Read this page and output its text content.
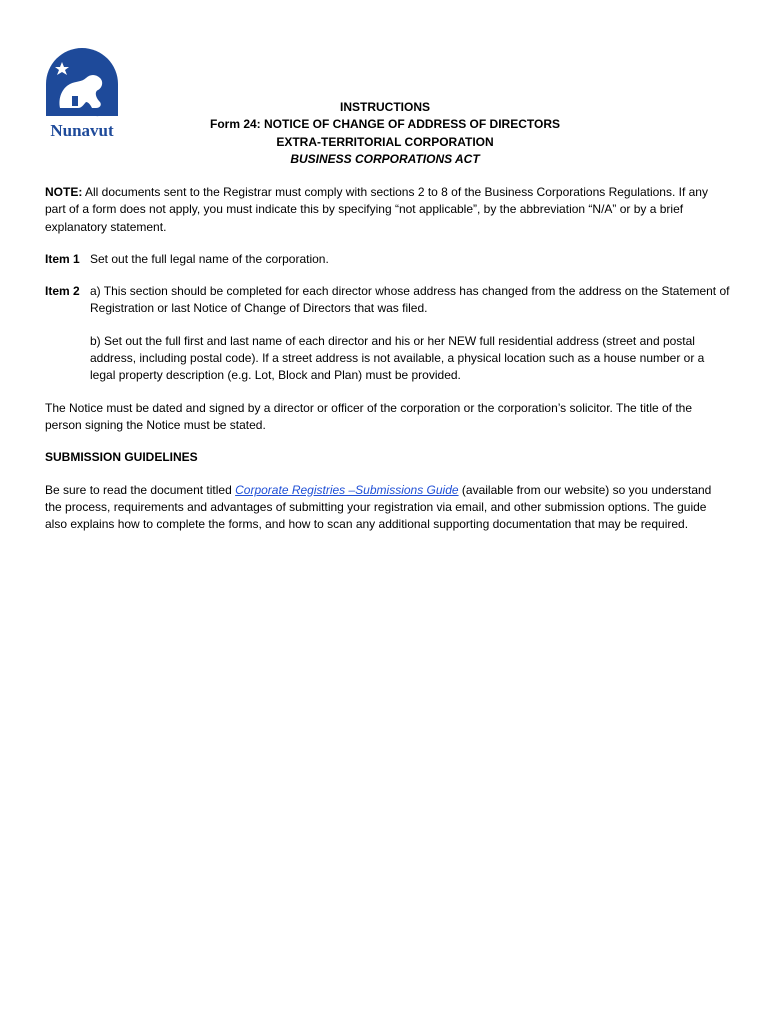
Nunavut
INSTRUCTIONS
Form 24: NOTICE OF CHANGE OF ADDRESS OF DIRECTORS
EXTRA-TERRITORIAL CORPORATION
BUSINESS CORPORATIONS ACT

NOTE: All documents sent to the Registrar must comply with sections 2 to 8 of the Business Corporations Regulations. If any part of a form does not apply, you must indicate this by specifying “not applicable”, by the abbreviation “N/A” or by a brief explanatory statement.

Item 1 Set out the full legal name of the corporation.

Item 2 a) This section should be completed for each director whose address has changed from the address on the Statement of Registration or last Notice of Change of Directors that was filed.

b) Set out the full first and last name of each director and his or her NEW full residential address (street and postal address, including postal code). If a street address is not available, a physical location such as a house number or a legal property description (e.g. Lot, Block and Plan) must be provided.

The Notice must be dated and signed by a director or officer of the corporation or the corporation’s solicitor. The title of the person signing the Notice must be stated.

SUBMISSION GUIDELINES

Be sure to read the document titled Corporate Registries –Submissions Guide (available from our website) so you understand the process, requirements and advantages of submitting your registration via email, and other submission options. The guide also explains how to complete the forms, and how to scan any additional supporting documentation that may be required.
